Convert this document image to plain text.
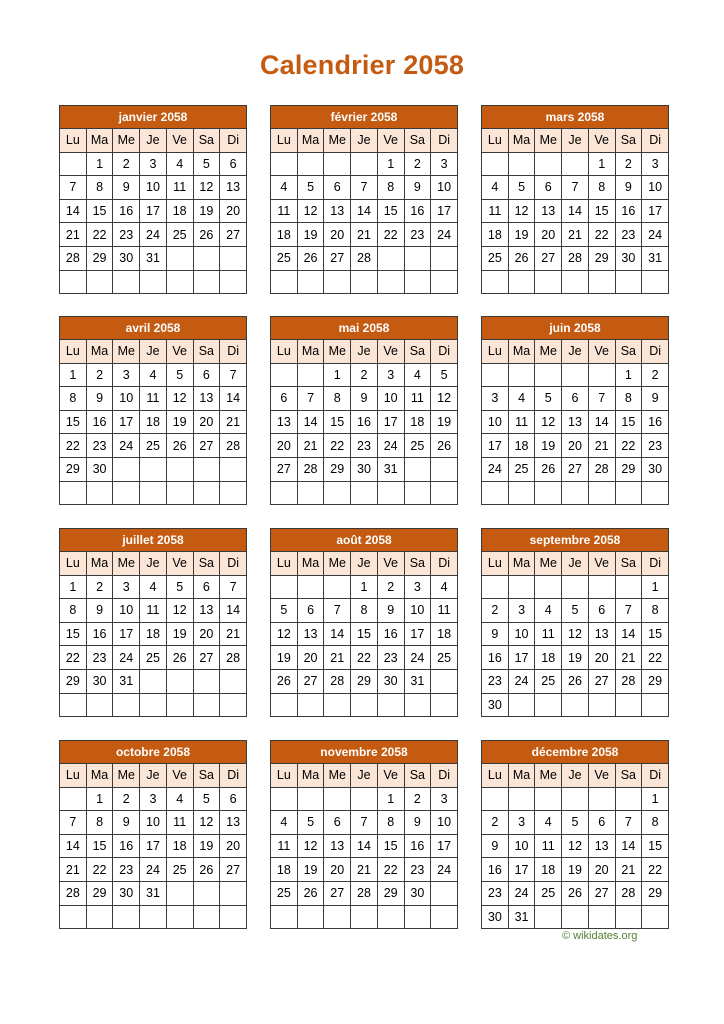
Calendrier 2058
janvier 2058						
Lu	Ma	Me	Je	Ve	Sa	Di
	1	2	3	4	5	6
7	8	9	10	11	12	13
14	15	16	17	18	19	20
21	22	23	24	25	26	27
28	29	30	31			

février 2058						
Lu	Ma	Me	Je	Ve	Sa	Di
				1	2	3
4	5	6	7	8	9	10
11	12	13	14	15	16	17
18	19	20	21	22	23	24
25	26	27	28			

mars 2058						
Lu	Ma	Me	Je	Ve	Sa	Di
				1	2	3
4	5	6	7	8	9	10
11	12	13	14	15	16	17
18	19	20	21	22	23	24
25	26	27	28	29	30	31

avril 2058						
Lu	Ma	Me	Je	Ve	Sa	Di
1	2	3	4	5	6	7
8	9	10	11	12	13	14
15	16	17	18	19	20	21
22	23	24	25	26	27	28
29	30					

mai 2058						
Lu	Ma	Me	Je	Ve	Sa	Di
		1	2	3	4	5
6	7	8	9	10	11	12
13	14	15	16	17	18	19
20	21	22	23	24	25	26
27	28	29	30	31		

juin 2058						
Lu	Ma	Me	Je	Ve	Sa	Di
					1	2
3	4	5	6	7	8	9
10	11	12	13	14	15	16
17	18	19	20	21	22	23
24	25	26	27	28	29	30

juillet 2058						
Lu	Ma	Me	Je	Ve	Sa	Di
1	2	3	4	5	6	7
8	9	10	11	12	13	14
15	16	17	18	19	20	21
22	23	24	25	26	27	28
29	30	31				

août 2058						
Lu	Ma	Me	Je	Ve	Sa	Di
			1	2	3	4
5	6	7	8	9	10	11
12	13	14	15	16	17	18
19	20	21	22	23	24	25
26	27	28	29	30	31	

septembre 2058						
Lu	Ma	Me	Je	Ve	Sa	Di
						1
2	3	4	5	6	7	8
9	10	11	12	13	14	15
16	17	18	19	20	21	22
23	24	25	26	27	28	29
30						
octobre 2058						
Lu	Ma	Me	Je	Ve	Sa	Di
	1	2	3	4	5	6
7	8	9	10	11	12	13
14	15	16	17	18	19	20
21	22	23	24	25	26	27
28	29	30	31			

novembre 2058						
Lu	Ma	Me	Je	Ve	Sa	Di
				1	2	3
4	5	6	7	8	9	10
11	12	13	14	15	16	17
18	19	20	21	22	23	24
25	26	27	28	29	30	

décembre 2058						
Lu	Ma	Me	Je	Ve	Sa	Di
						1
2	3	4	5	6	7	8
9	10	11	12	13	14	15
16	17	18	19	20	21	22
23	24	25	26	27	28	29
30	31					
© wikidates.org
